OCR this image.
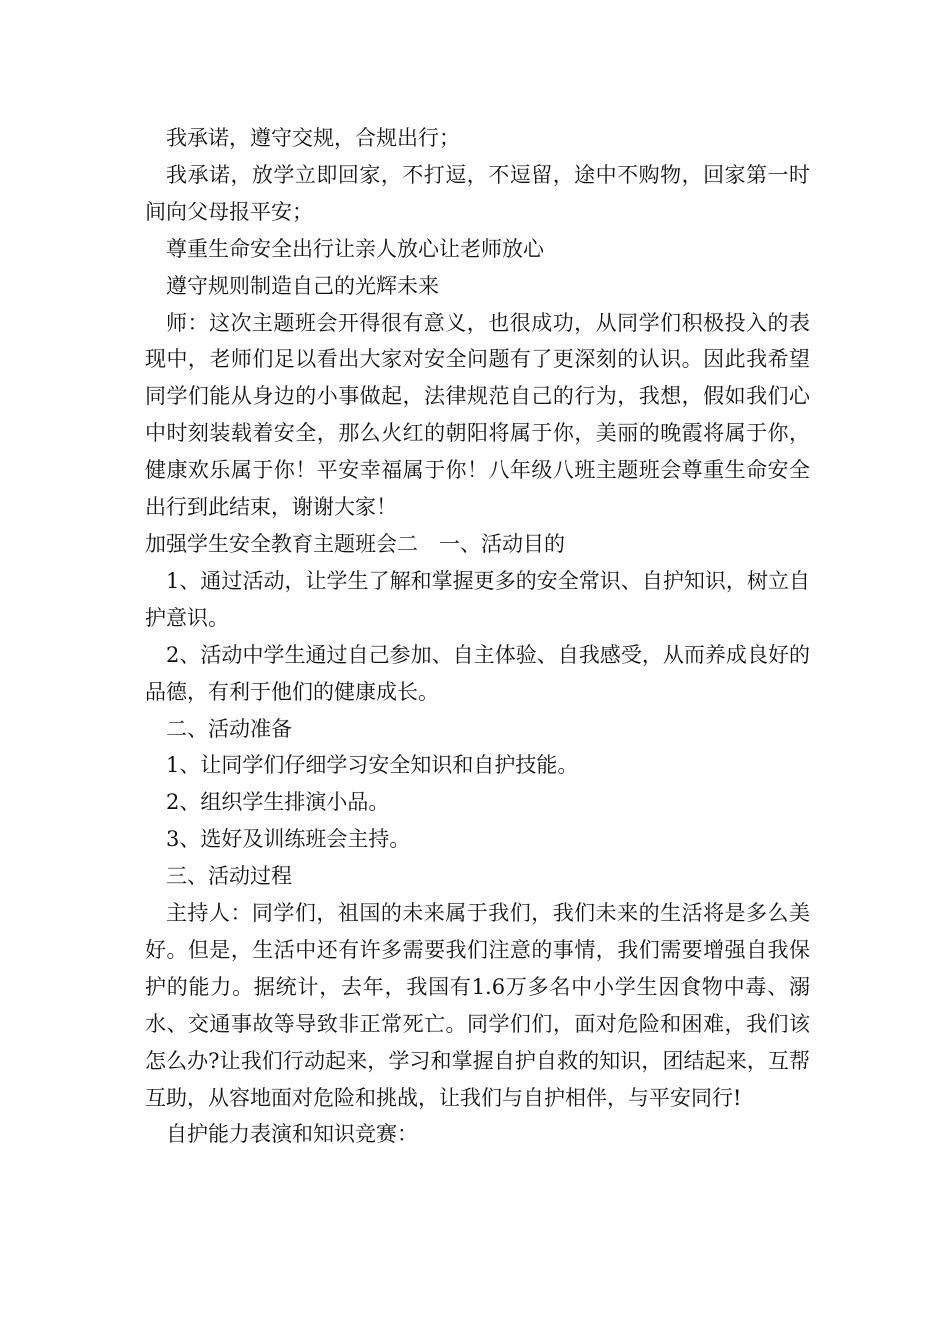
我承诺，遵守交规，合规出行；

我承诺，放学立即回家，不打逗，不逗留，途中不购物，回家第一时间向父母报平安；

尊重生命安全出行让亲人放心让老师放心

遵守规则制造自己的光辉未来

师：这次主题班会开得很有意义，也很成功，从同学们积极投入的表现中，老师们足以看出大家对安全问题有了更深刻的认识。因此我希望同学们能从身边的小事做起，法律规范自己的行为，我想，假如我们心中时刻装载着安全，那么火红的朝阳将属于你，美丽的晚霞将属于你，健康欢乐属于你！平安幸福属于你！八年级八班主题班会尊重生命安全出行到此结束，谢谢大家！

加强学生安全教育主题班会二　一、活动目的

1、通过活动，让学生了解和掌握更多的安全常识、自护知识，树立自护意识。

2、活动中学生通过自己参加、自主体验、自我感受，从而养成良好的品德，有利于他们的健康成长。

二、活动准备

1、让同学们仔细学习安全知识和自护技能。

2、组织学生排演小品。

3、选好及训练班会主持。

三、活动过程

主持人：同学们，祖国的未来属于我们，我们未来的生活将是多么美好。但是，生活中还有许多需要我们注意的事情，我们需要增强自我保护的能力。据统计，去年，我国有1.6万多名中小学生因食物中毒、溺水、交通事故等导致非正常死亡。同学们们，面对危险和困难，我们该怎么办?让我们行动起来，学习和掌握自护自救的知识，团结起来，互帮互助，从容地面对危险和挑战，让我们与自护相伴，与平安同行!

自护能力表演和知识竞赛：
